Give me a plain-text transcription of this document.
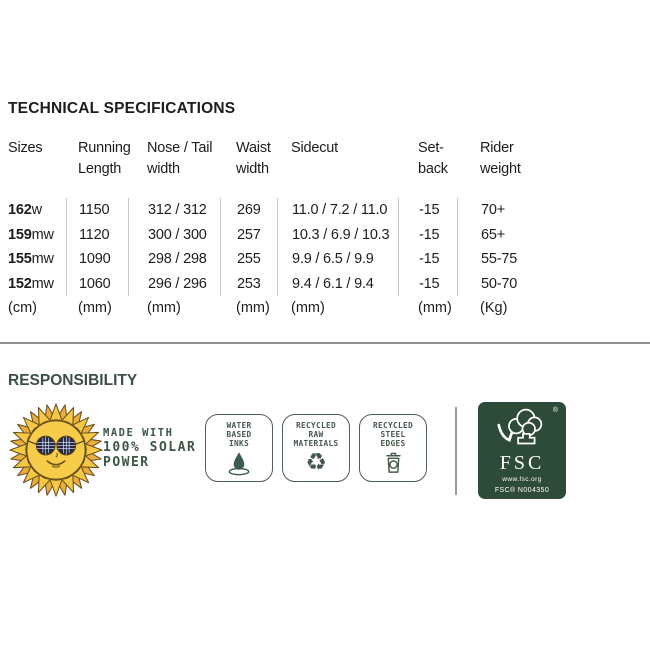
TECHNICAL SPECIFICATIONS
Sizes
162w
159mw
155mw
152mw
(cm)
Running
Length
1150
1120
1090
1060
(mm)
Nose / Tail
width
312 / 312
300 / 300
298 / 298
296 / 296
(mm)
Waist
width
269
257
255
253
(mm)
Sidecut
11.0 / 7.2 / 11.0
10.3 / 6.9 / 10.3
9.9 / 6.5 / 9.9
9.4 / 6.1 / 9.4
(mm)
Set-
back
-15
-15
-15
-15
(mm)
Rider
weight
70+
65+
55-75
50-70
(Kg)
RESPONSIBILITY
MADE WITH
100% SOLAR
POWER
WATER
BASED
INKS
RECYCLED
RAW
MATERIALS
♻
RECYCLED
STEEL
EDGES
®
FSC
www.fsc.org
FSC® N004350
